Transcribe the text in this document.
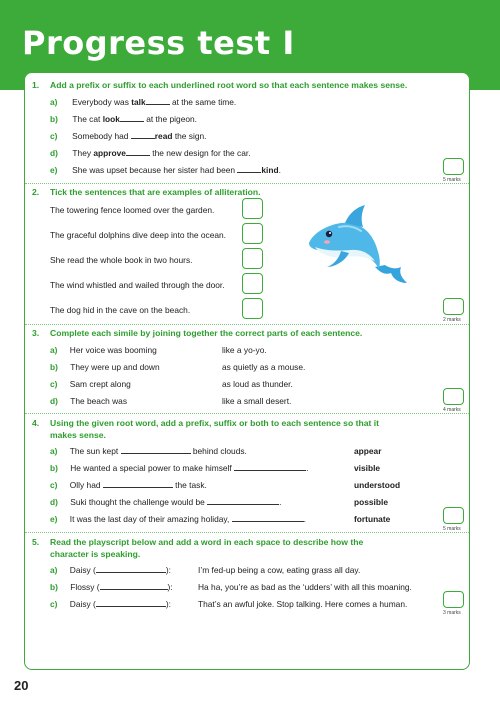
Progress test I
1. Add a prefix or suffix to each underlined root word so that each sentence makes sense.
a) Everybody was talk	at the same time.
b) The cat look	at the pigeon.
c) Somebody had	read the sign.
d) They approve	the new design for the car.
e) She was upset because her sister had been	kind.
5 marks
2. Tick the sentences that are examples of alliteration.
The towering fence loomed over the garden.
The graceful dolphins dive deep into the ocean.
She read the whole book in two hours.
The wind whistled and wailed through the door.
The dog hid in the cave on the beach.
2 marks
3. Complete each simile by joining together the correct parts of each sentence.
a) Her voice was booming	like a yo-yo.
b) They were up and down	as quietly as a mouse.
c) Sam crept along	as loud as thunder.
d) The beach was	like a small desert.
4 marks
4. Using the given root word, add a prefix, suffix or both to each sentence so that it
makes sense.
a) The sun kept	behind clouds.	appear
b) He wanted a special power to make himself	.	visible
c) Olly had	the task.	understood
d) Suki thought the challenge would be	.	possible
e) It was the last day of their amazing holiday,	.	fortunate
5 marks
5. Read the playscript below and add a word in each space to describe how the
character is speaking.
a) Daisy (	):	I’m fed-up being a cow, eating grass all day.
b) Flossy (	):	Ha ha, you’re as bad as the ‘udders’ with all this moaning.
c) Daisy (	):	That’s an awful joke. Stop talking. Here comes a human.
3 marks
20
